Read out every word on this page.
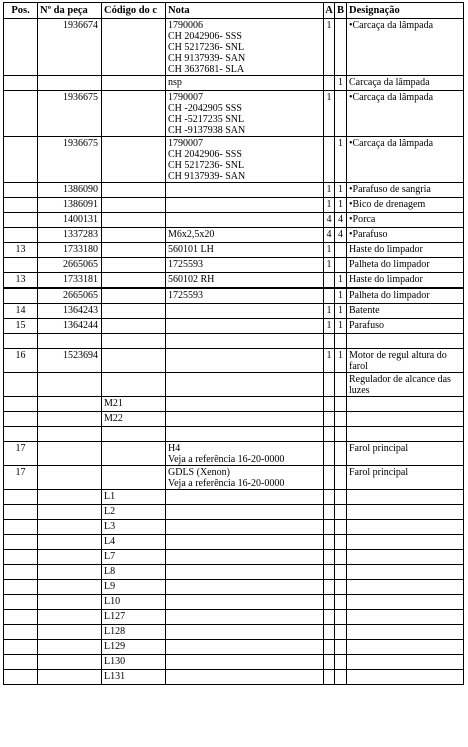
Pos.	Nº da peça	Código do c	Nota	A	B	Designação
	1936674		1790006
CH 2042906- SSS
CH 5217236- SNL
CH 9137939- SAN
CH 3637681- SLA	1		•Carcaça da lâmpada
			nsp		1	Carcaça da lâmpada
	1936675		1790007
CH -2042905 SSS
CH -5217235 SNL
CH -9137938 SAN	1		•Carcaça da lâmpada
	1936675		1790007
CH 2042906- SSS
CH 5217236- SNL
CH 9137939- SAN		1	•Carcaça da lâmpada
	1386090			1	1	•Parafuso de sangria
	1386091			1	1	•Bico de drenagem
	1400131			4	4	•Porca
	1337283		M6x2,5x20	4	4	•Parafuso
13	1733180		560101 LH	1		Haste do limpador
	2665065		1725593	1		Palheta do limpador
13	1733181		560102 RH		1	Haste do limpador
	2665065		1725593		1	Palheta do limpador
14	1364243			1	1	Batente
15	1364244			1	1	Parafuso

16	1523694			1	1	Motor de regul altura do farol
						Regulador de alcance das luzes
		M21				
		M22				

17			H4
Veja a referência 16-20-0000			Farol principal
17			GDLS (Xenon)
Veja a referência 16-20-0000			Farol principal
		L1				
		L2				
		L3				
		L4				
		L7				
		L8				
		L9				
		L10				
		L127				
		L128				
		L129				
		L130				
		L131				
